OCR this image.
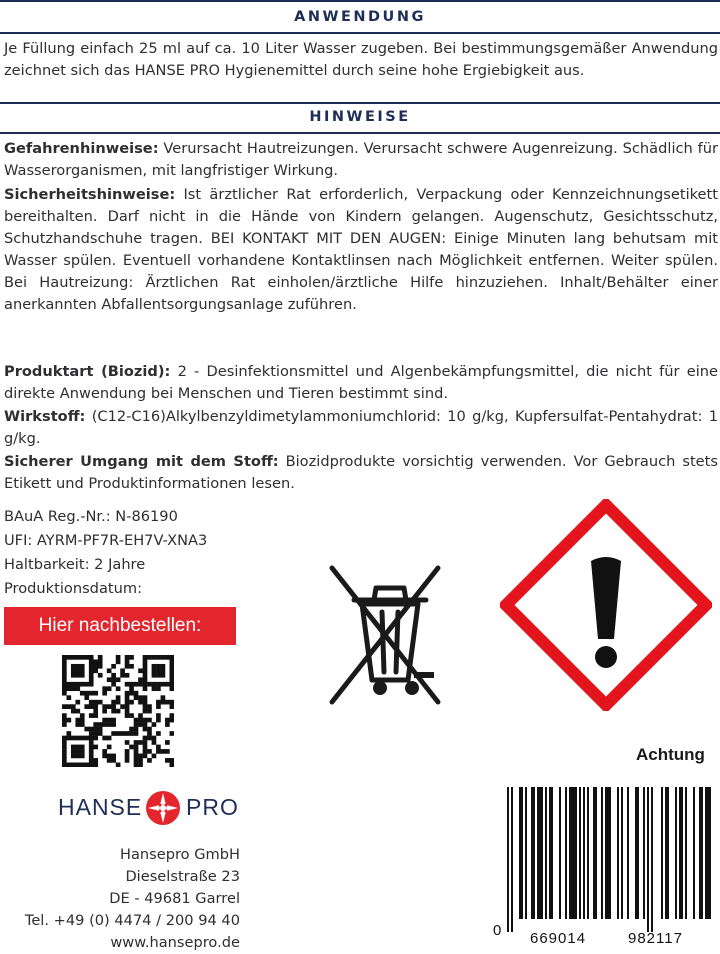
ANWENDUNG
Je Füllung einfach 25 ml auf ca. 10 Liter Wasser zugeben. Bei bestimmungsgemäßer Anwendung zeichnet sich das HANSE PRO Hygienemittel durch seine hohe Ergiebigkeit aus.
HINWEISE
Gefahrenhinweise: Verursacht Hautreizungen. Verursacht schwere Augenreizung. Schädlich für Wasserorganismen, mit langfristiger Wirkung.
Sicherheitshinweise: Ist ärztlicher Rat erforderlich, Verpackung oder Kennzeichnungsetikett bereithalten. Darf nicht in die Hände von Kindern gelangen. Augenschutz, Gesichtsschutz, Schutzhandschuhe tragen. BEI KONTAKT MIT DEN AUGEN: Einige Minuten lang behutsam mit Wasser spülen. Eventuell vorhandene Kontaktlinsen nach Möglichkeit entfernen. Weiter spülen. Bei Hautreizung: Ärztlichen Rat einholen/ärztliche Hilfe hinzuziehen. Inhalt/Behälter einer anerkannten Abfallentsorgungsanlage zuführen.
Produktart (Biozid): 2 - Desinfektionsmittel und Algenbekämpfungsmittel, die nicht für eine direkte Anwendung bei Menschen und Tieren bestimmt sind.
Wirkstoff: (C12-C16)Alkylbenzyldimetylammoniumchlorid: 10 g/kg, Kupfersulfat-Pentahydrat: 1 g/kg.
Sicherer Umgang mit dem Stoff: Biozidprodukte vorsichtig verwenden. Vor Gebrauch stets Etikett und Produktinformationen lesen.
BAuA Reg.-Nr.: N-86190
UFI: AYRM-PF7R-EH7V-XNA3
Haltbarkeit: 2 Jahre
Produktionsdatum:
Hier nachbestellen:
HANSE PRO
Hansepro GmbH
Dieselstraße 23
DE - 49681 Garrel
Tel. +49 (0) 4474 / 200 94 40
www.hansepro.de
Achtung
0 669014	982117
